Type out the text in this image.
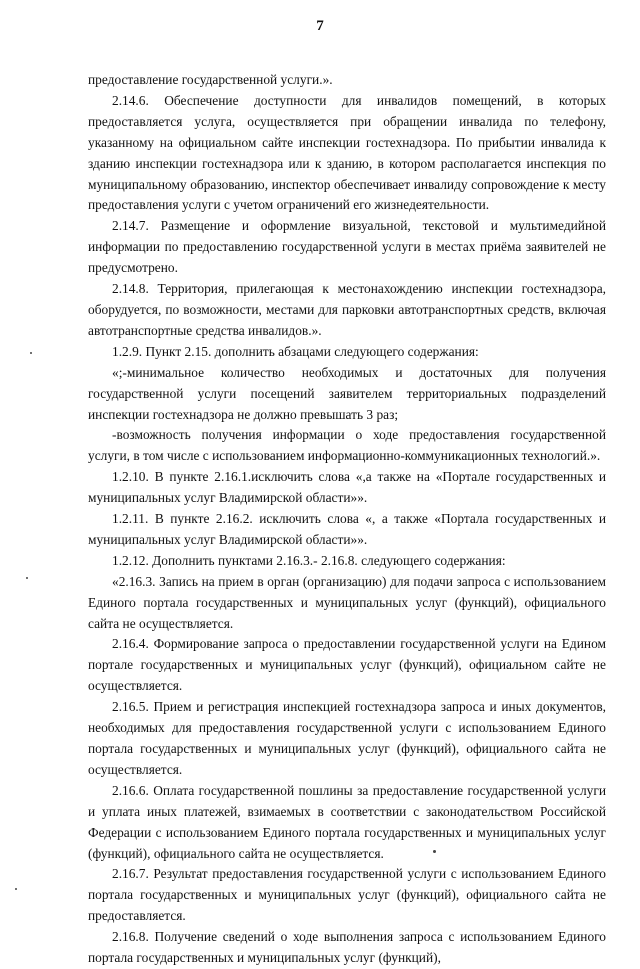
7

предоставление государственной услуги.».

2.14.6. Обеспечение доступности для инвалидов помещений, в которых предоставляется услуга, осуществляется при обращении инвалида по телефону, указанному на официальном сайте инспекции гостехнадзора. По прибытии инвалида к зданию инспекции гостехнадзора или к зданию, в котором располагается инспекция по муниципальному образованию, инспектор обеспечивает инвалиду сопровождение к месту предоставления услуги с учетом ограничений его жизнедеятельности.

2.14.7. Размещение и оформление визуальной, текстовой и мультимедийной информации по предоставлению государственной услуги в местах приёма заявителей не предусмотрено.

2.14.8. Территория, прилегающая к местонахождению инспекции гостехнадзора, оборудуется, по возможности, местами для парковки автотранспортных средств, включая автотранспортные средства инвалидов.».

1.2.9. Пункт 2.15. дополнить абзацами следующего содержания:

«;-минимальное количество необходимых и достаточных для получения государственной услуги посещений заявителем территориальных подразделений инспекции гостехнадзора не должно превышать 3 раз;

-возможность получения информации о ходе предоставления государственной услуги, в том числе с использованием информационно-коммуникационных технологий.».

1.2.10. В пункте 2.16.1.исключить слова «,а также на «Портале государственных и муниципальных услуг Владимирской области»».

1.2.11. В пункте 2.16.2. исключить слова «, а также «Портала государственных и муниципальных услуг Владимирской области»».

1.2.12. Дополнить пунктами 2.16.3.- 2.16.8. следующего содержания:

«2.16.3. Запись на прием в орган (организацию) для подачи запроса с использованием Единого портала государственных и муниципальных услуг (функций), официального сайта не осуществляется.

2.16.4. Формирование запроса о предоставлении государственной услуги на Едином портале государственных и муниципальных услуг (функций), официальном сайте не осуществляется.

2.16.5. Прием и регистрация инспекцией гостехнадзора запроса и иных документов, необходимых для предоставления государственной услуги с использованием Единого портала государственных и муниципальных услуг (функций), официального сайта не осуществляется.

2.16.6. Оплата государственной пошлины за предоставление государственной услуги и уплата иных платежей, взимаемых в соответствии с законодательством Российской Федерации с использованием Единого портала государственных и муниципальных услуг (функций), официального сайта не осуществляется.

2.16.7. Результат предоставления государственной услуги с использованием Единого портала государственных и муниципальных услуг (функций), официального сайта не предоставляется.

2.16.8. Получение сведений о ходе выполнения запроса с использованием Единого портала государственных и муниципальных услуг (функций),
